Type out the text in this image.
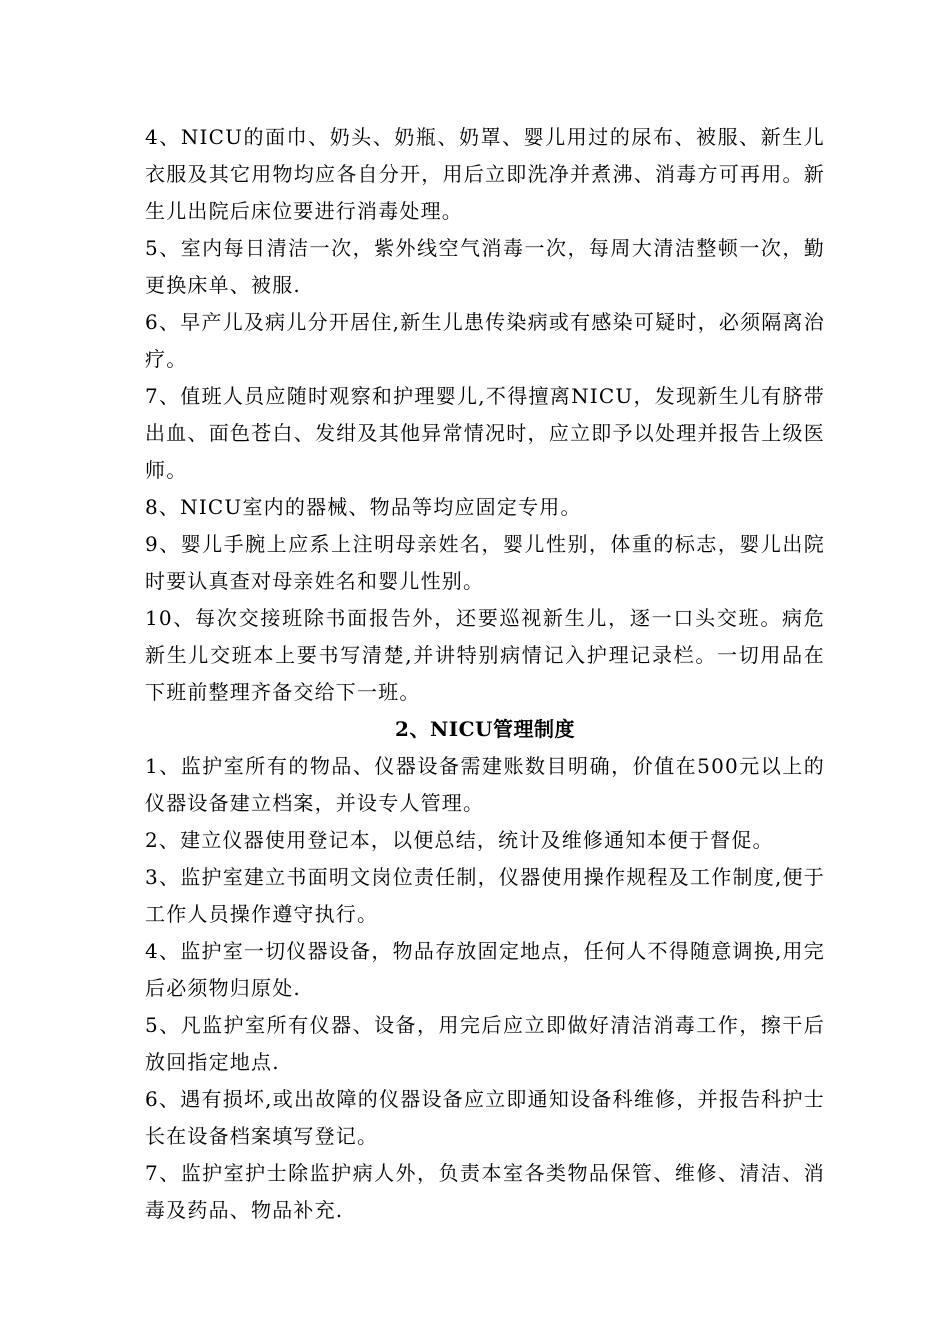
4、NICU的面巾、奶头、奶瓶、奶罩、婴儿用过的尿布、被服、新生儿衣服及其它用物均应各自分开，用后立即洗净并煮沸、消毒方可再用。新生儿出院后床位要进行消毒处理。

5、室内每日清洁一次，紫外线空气消毒一次，每周大清洁整顿一次，勤更换床单、被服.

6、早产儿及病儿分开居住,新生儿患传染病或有感染可疑时，必须隔离治疗。

7、值班人员应随时观察和护理婴儿,不得擅离NICU，发现新生儿有脐带出血、面色苍白、发绀及其他异常情况时，应立即予以处理并报告上级医师。

8、NICU室内的器械、物品等均应固定专用。

9、婴儿手腕上应系上注明母亲姓名，婴儿性别，体重的标志，婴儿出院时要认真查对母亲姓名和婴儿性别。

10、每次交接班除书面报告外，还要巡视新生儿，逐一口头交班。病危新生儿交班本上要书写清楚,并讲特别病情记入护理记录栏。一切用品在下班前整理齐备交给下一班。

2、NICU管理制度

1、监护室所有的物品、仪器设备需建账数目明确，价值在500元以上的仪器设备建立档案，并设专人管理。

2、建立仪器使用登记本，以便总结，统计及维修通知本便于督促。

3、监护室建立书面明文岗位责任制，仪器使用操作规程及工作制度,便于工作人员操作遵守执行。

4、监护室一切仪器设备，物品存放固定地点，任何人不得随意调换,用完后必须物归原处.

5、凡监护室所有仪器、设备，用完后应立即做好清洁消毒工作，擦干后放回指定地点.

6、遇有损坏,或出故障的仪器设备应立即通知设备科维修，并报告科护士长在设备档案填写登记。

7、监护室护士除监护病人外，负责本室各类物品保管、维修、清洁、消毒及药品、物品补充.
